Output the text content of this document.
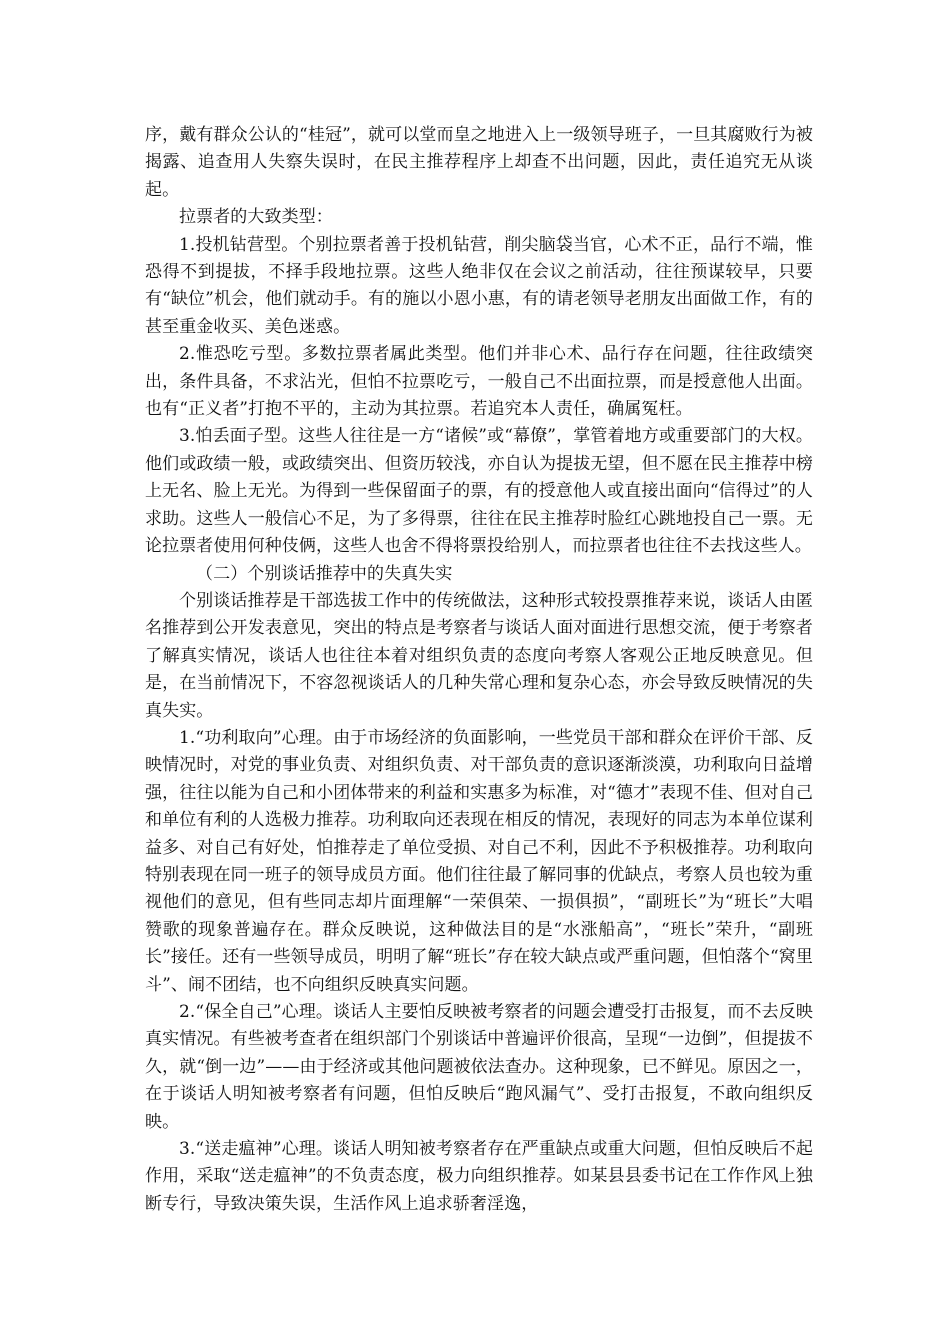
序，戴有群众公认的“桂冠”，就可以堂而皇之地进入上一级领导班子，一旦其腐败行为被揭露、追查用人失察失误时，在民主推荐程序上却查不出问题，因此，责任追究无从谈起。

拉票者的大致类型：

1.投机钻营型。个别拉票者善于投机钻营，削尖脑袋当官，心术不正，品行不端，惟恐得不到提拔，不择手段地拉票。这些人绝非仅在会议之前活动，往往预谋较早，只要有“缺位”机会，他们就动手。有的施以小恩小惠，有的请老领导老朋友出面做工作，有的甚至重金收买、美色迷惑。

2.惟恐吃亏型。多数拉票者属此类型。他们并非心术、品行存在问题，往往政绩突出，条件具备，不求沾光，但怕不拉票吃亏，一般自己不出面拉票，而是授意他人出面。也有“正义者”打抱不平的，主动为其拉票。若追究本人责任，确属冤枉。

3.怕丢面子型。这些人往往是一方“诸候”或“幕僚”，掌管着地方或重要部门的大权。他们或政绩一般，或政绩突出、但资历较浅，亦自认为提拔无望，但不愿在民主推荐中榜上无名、脸上无光。为得到一些保留面子的票，有的授意他人或直接出面向“信得过”的人求助。这些人一般信心不足，为了多得票，往往在民主推荐时脸红心跳地投自己一票。无论拉票者使用何种伎俩，这些人也舍不得将票投给别人，而拉票者也往往不去找这些人。

（二）个别谈话推荐中的失真失实

个别谈话推荐是干部选拔工作中的传统做法，这种形式较投票推荐来说，谈话人由匿名推荐到公开发表意见，突出的特点是考察者与谈话人面对面进行思想交流，便于考察者了解真实情况，谈话人也往往本着对组织负责的态度向考察人客观公正地反映意见。但是，在当前情况下，不容忽视谈话人的几种失常心理和复杂心态，亦会导致反映情况的失真失实。

1.“功利取向”心理。由于市场经济的负面影响，一些党员干部和群众在评价干部、反映情况时，对党的事业负责、对组织负责、对干部负责的意识逐渐淡漠，功利取向日益增强，往往以能为自己和小团体带来的利益和实惠多为标准，对“德才”表现不佳、但对自己和单位有利的人选极力推荐。功利取向还表现在相反的情况，表现好的同志为本单位谋利益多、对自己有好处，怕推荐走了单位受损、对自己不利，因此不予积极推荐。功利取向特别表现在同一班子的领导成员方面。他们往往最了解同事的优缺点，考察人员也较为重视他们的意见，但有些同志却片面理解“一荣俱荣、一损俱损”，“副班长”为“班长”大唱赞歌的现象普遍存在。群众反映说，这种做法目的是“水涨船高”，“班长”荣升，“副班长”接任。还有一些领导成员，明明了解“班长”存在较大缺点或严重问题，但怕落个“窝里斗”、闹不团结，也不向组织反映真实问题。

2.“保全自己”心理。谈话人主要怕反映被考察者的问题会遭受打击报复，而不去反映真实情况。有些被考查者在组织部门个别谈话中普遍评价很高，呈现“一边倒”，但提拔不久，就“倒一边”——由于经济或其他问题被依法查办。这种现象，已不鲜见。原因之一，在于谈话人明知被考察者有问题，但怕反映后“跑风漏气”、受打击报复，不敢向组织反映。

3.“送走瘟神”心理。谈话人明知被考察者存在严重缺点或重大问题，但怕反映后不起作用，采取“送走瘟神”的不负责态度，极力向组织推荐。如某县县委书记在工作作风上独断专行，导致决策失误，生活作风上追求骄奢淫逸，
